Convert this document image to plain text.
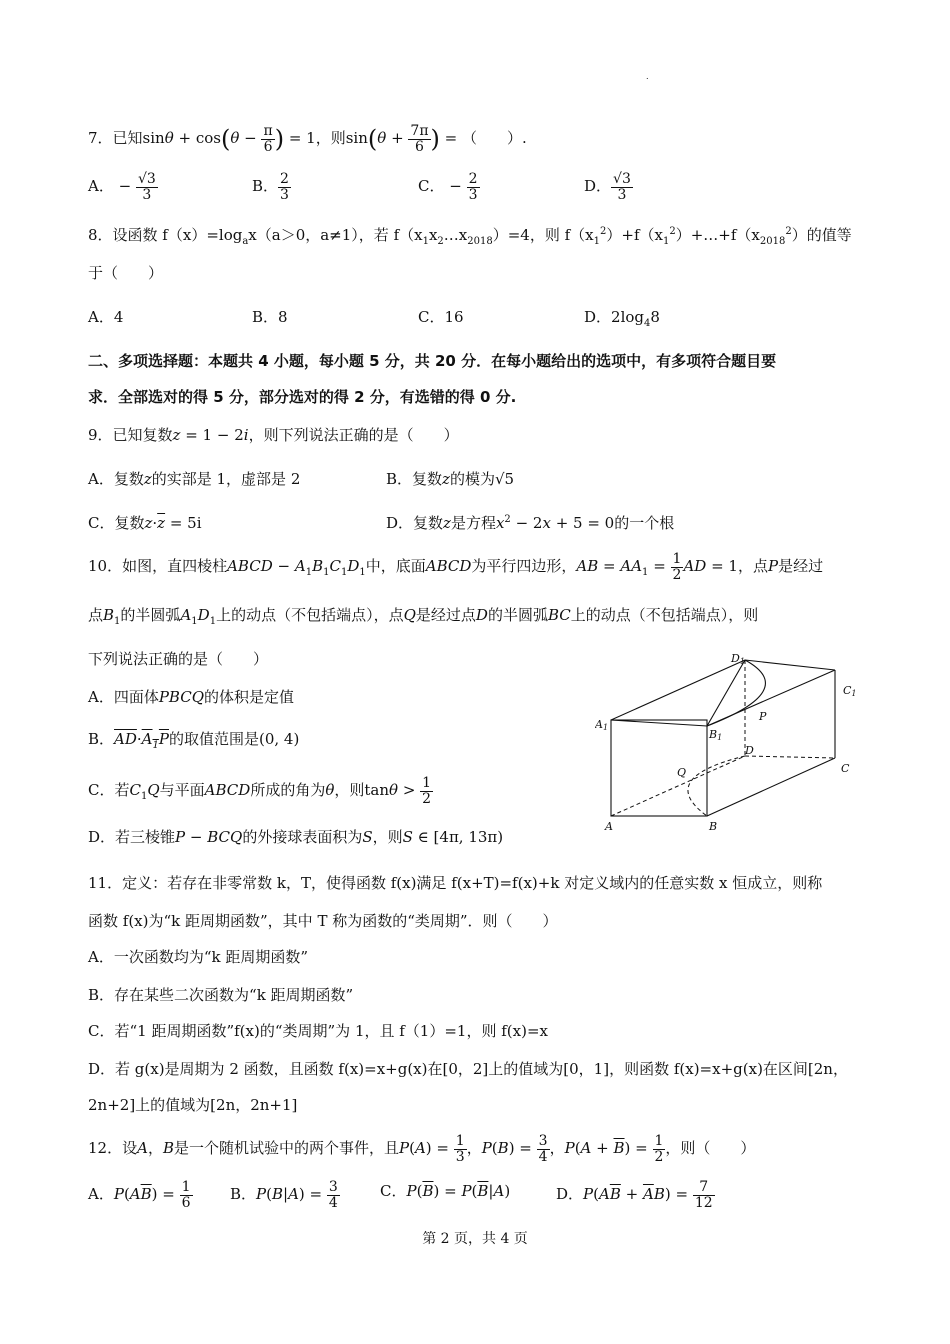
.
7．已知$\sin\theta + \cos(\theta - \frac{\pi}{6}$ ) = 1，则$\sin(\theta + \frac{7\pi}{6}$ ) = （　　）.
A． − $\frac{√3}{3}$	B． $\frac{2}{3}$	C． − $\frac{2}{3}$	D． $\frac{√3}{3}$
8．设函数 $f(x)=\log_ax(a>0$，a≠1），若 $f(x_1x_2\dots x_{2018})=4$，则 $f(x_1^2)+f(x_1^2)+\dots+f(x_{2018}^2)$的值等
于（　　）
A．4	B．8	C．16	D．$2\log_48$
二、多项选择题：本题共 4 小题，每小题 5 分，共 20 分．在每小题给出的选项中，有多项符合题目要
求．全部选对的得 5 分，部分选对的得 2 分，有选错的得 0 分.
9．已知复数z = 1 − 2i，则下列说法正确的是（　　）
A．复数z的实部是 1，虚部是 2	B．复数z的模为√5
C．复数$z\cdot\overline{z} = 5i$	D．复数z是方程$x^2 - 2x + 5 = 0$的一个根
10．如图，直四棱柱ABCD − $A_1B_1C_1D_1$中，底面ABCD为平行四边形，AB = $AA_1 = \frac{1}{2}$ AD = 1，点P是经过
点$B_1$的半圆弧$A_1D_1$上的动点（不包括端点），点Q是经过点D的半圆弧BC上的动点（不包括端点），则
下列说法正确的是（　　）
A．四面体PBCQ的体积是定值
B．$\overline{AD}\cdot A_1P$的取值范围是(0, 4)
C．若$C_1Q$与平面ABCD所成的角为θ，则$\tan\theta > \frac{1}{2}$
D．若三棱锥P − BCQ的外接球表面积为S，则S ∈ [4π, 13π)
D1
C1
A1
B1
P
Q
D
C
A	B
11．定义：若存在非零常数 k，T，使得函数 f(x)满足 f(x+T)=f(x)+k 对定义域内的任意实数 x 恒成立，则称
函数 f(x)为“k 距周期函数”，其中 T 称为函数的“类周期”．则（　　）
A．一次函数均为“k 距周期函数”
B．存在某些二次函数为“k 距周期函数”
C．若“1 距周期函数”f(x)的“类周期”为 1，且 f（1）=1，则 f(x)=x
D．若 g(x)是周期为 2 函数，且函数 f(x)=x+g(x)在[0，2]上的值域为[0，1]，则函数 f(x)=x+g(x)在区间[2n，
2n+2]上的值域为[2n，2n+1]
12．设A，B是一个随机试验中的两个事件，且$P(A) = \frac{1}{3}$ ，$P(B) = \frac{3}{4}$ ，$P(A + \overline{B}) = \frac{1}{2}$ ，则（　　）
A．$P(A\overline{B}) = \frac{1}{6}$ B．$P(B|A) = \frac{3}{4}$	C．$P(\overline{B}) = P(\overline{B}|A)$	D．$P(A\overline{B} + \overline{A}B) = \frac{7}{12}$
第 2 页，共 4 页
